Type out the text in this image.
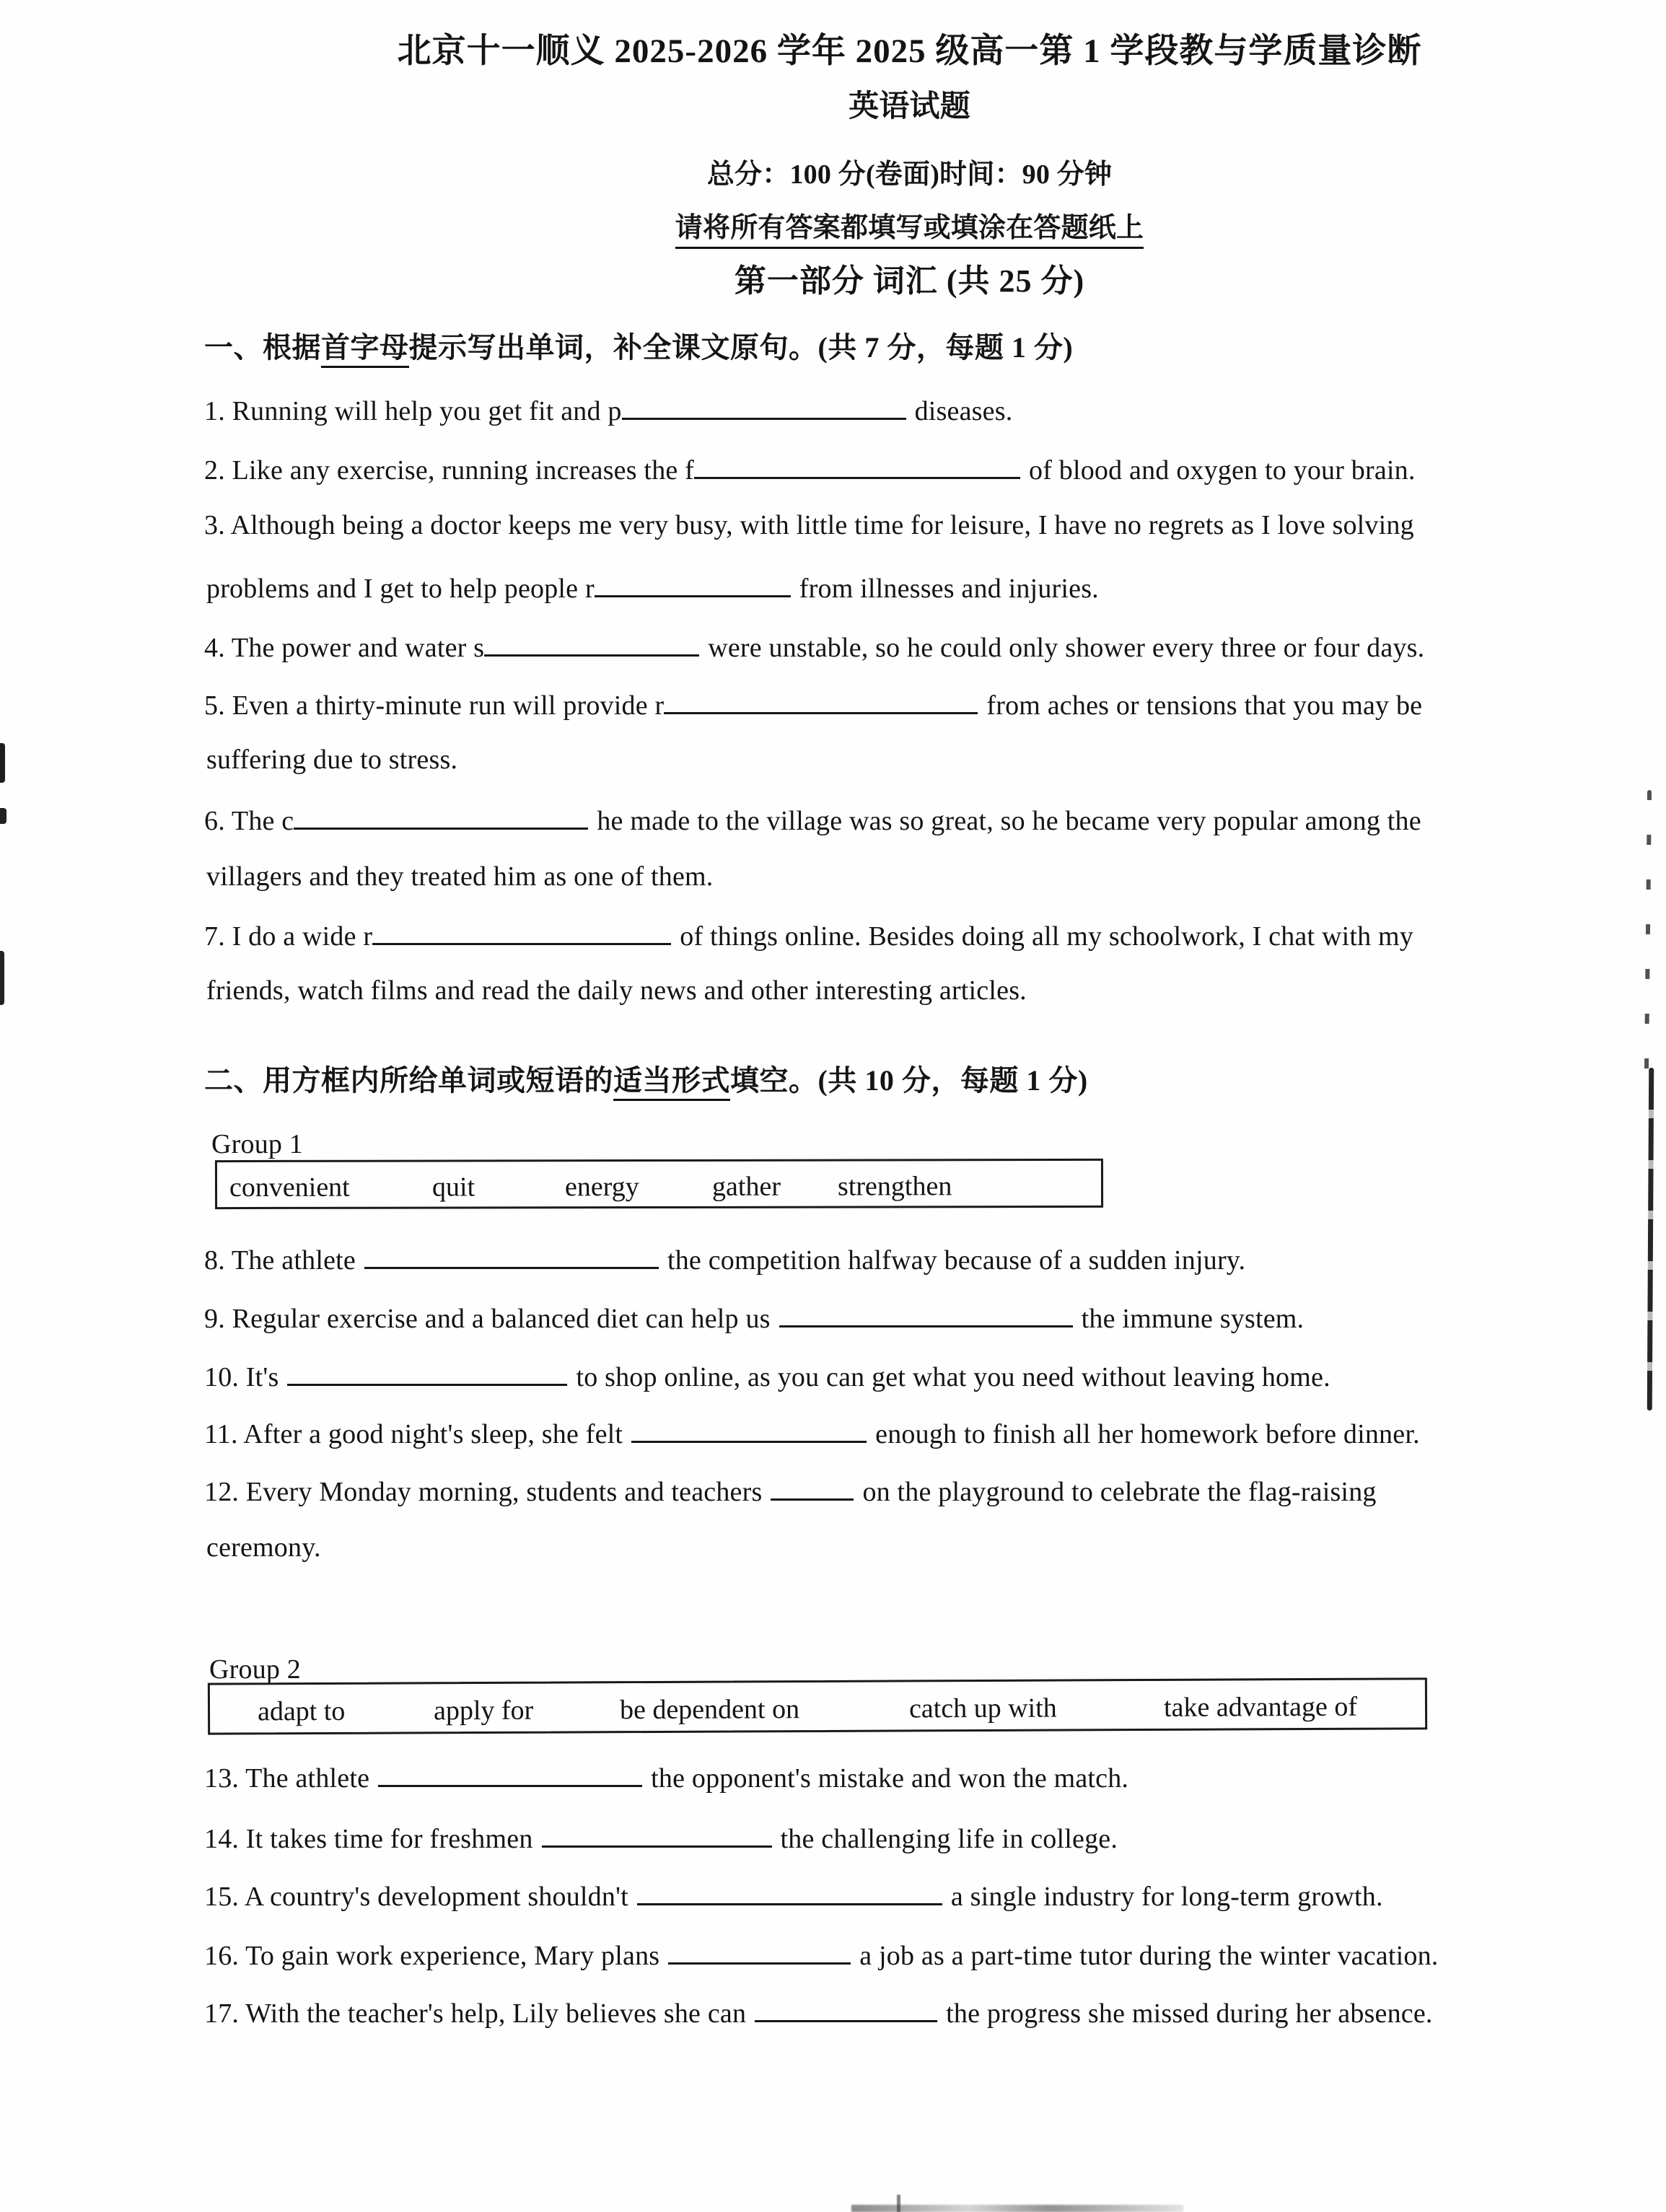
北京十一顺义 2025-2026 学年 2025 级高一第 1 学段教与学质量诊断
英语试题
总分：100 分(卷面)时间：90 分钟
请将所有答案都填写或填涂在答题纸上
第一部分 词汇 (共 25 分)
一、根据首字母提示写出单词，补全课文原句。(共 7 分，每题 1 分)
1. Running will help you get fit and p	diseases.
2. Like any exercise, running increases the f	of blood and oxygen to your brain.
3. Although being a doctor keeps me very busy, with little time for leisure, I have no regrets as I love solving
problems and I get to help people r	from illnesses and injuries.
4. The power and water s	were unstable, so he could only shower every three or four days.
5. Even a thirty-minute run will provide r	from aches or tensions that you may be
suffering due to stress.
6. The c	he made to the village was so great, so he became very popular among the
villagers and they treated him as one of them.
7. I do a wide r	of things online. Besides doing all my schoolwork, I chat with my
friends, watch films and read the daily news and other interesting articles.
二、用方框内所给单词或短语的适当形式填空。(共 10 分，每题 1 分)
Group 1
convenient	quit	energy	gather strengthen
8. The athlete	the competition halfway because of a sudden injury.
9. Regular exercise and a balanced diet can help us	the immune system.
10. It's	to shop online, as you can get what you need without leaving home.
11. After a good night's sleep, she felt	enough to finish all her homework before dinner.
12. Every Monday morning, students and teachers	on the playground to celebrate the flag-raising
ceremony.
Group 2
adapt to	apply for	be dependent on	catch up with	take advantage of
13. The athlete	the opponent's mistake and won the match.
14. It takes time for freshmen	the challenging life in college.
15. A country's development shouldn't	a single industry for long-term growth.
16. To gain work experience, Mary plans	a job as a part-time tutor during the winter vacation.
17. With the teacher's help, Lily believes she can	the progress she missed during her absence.
